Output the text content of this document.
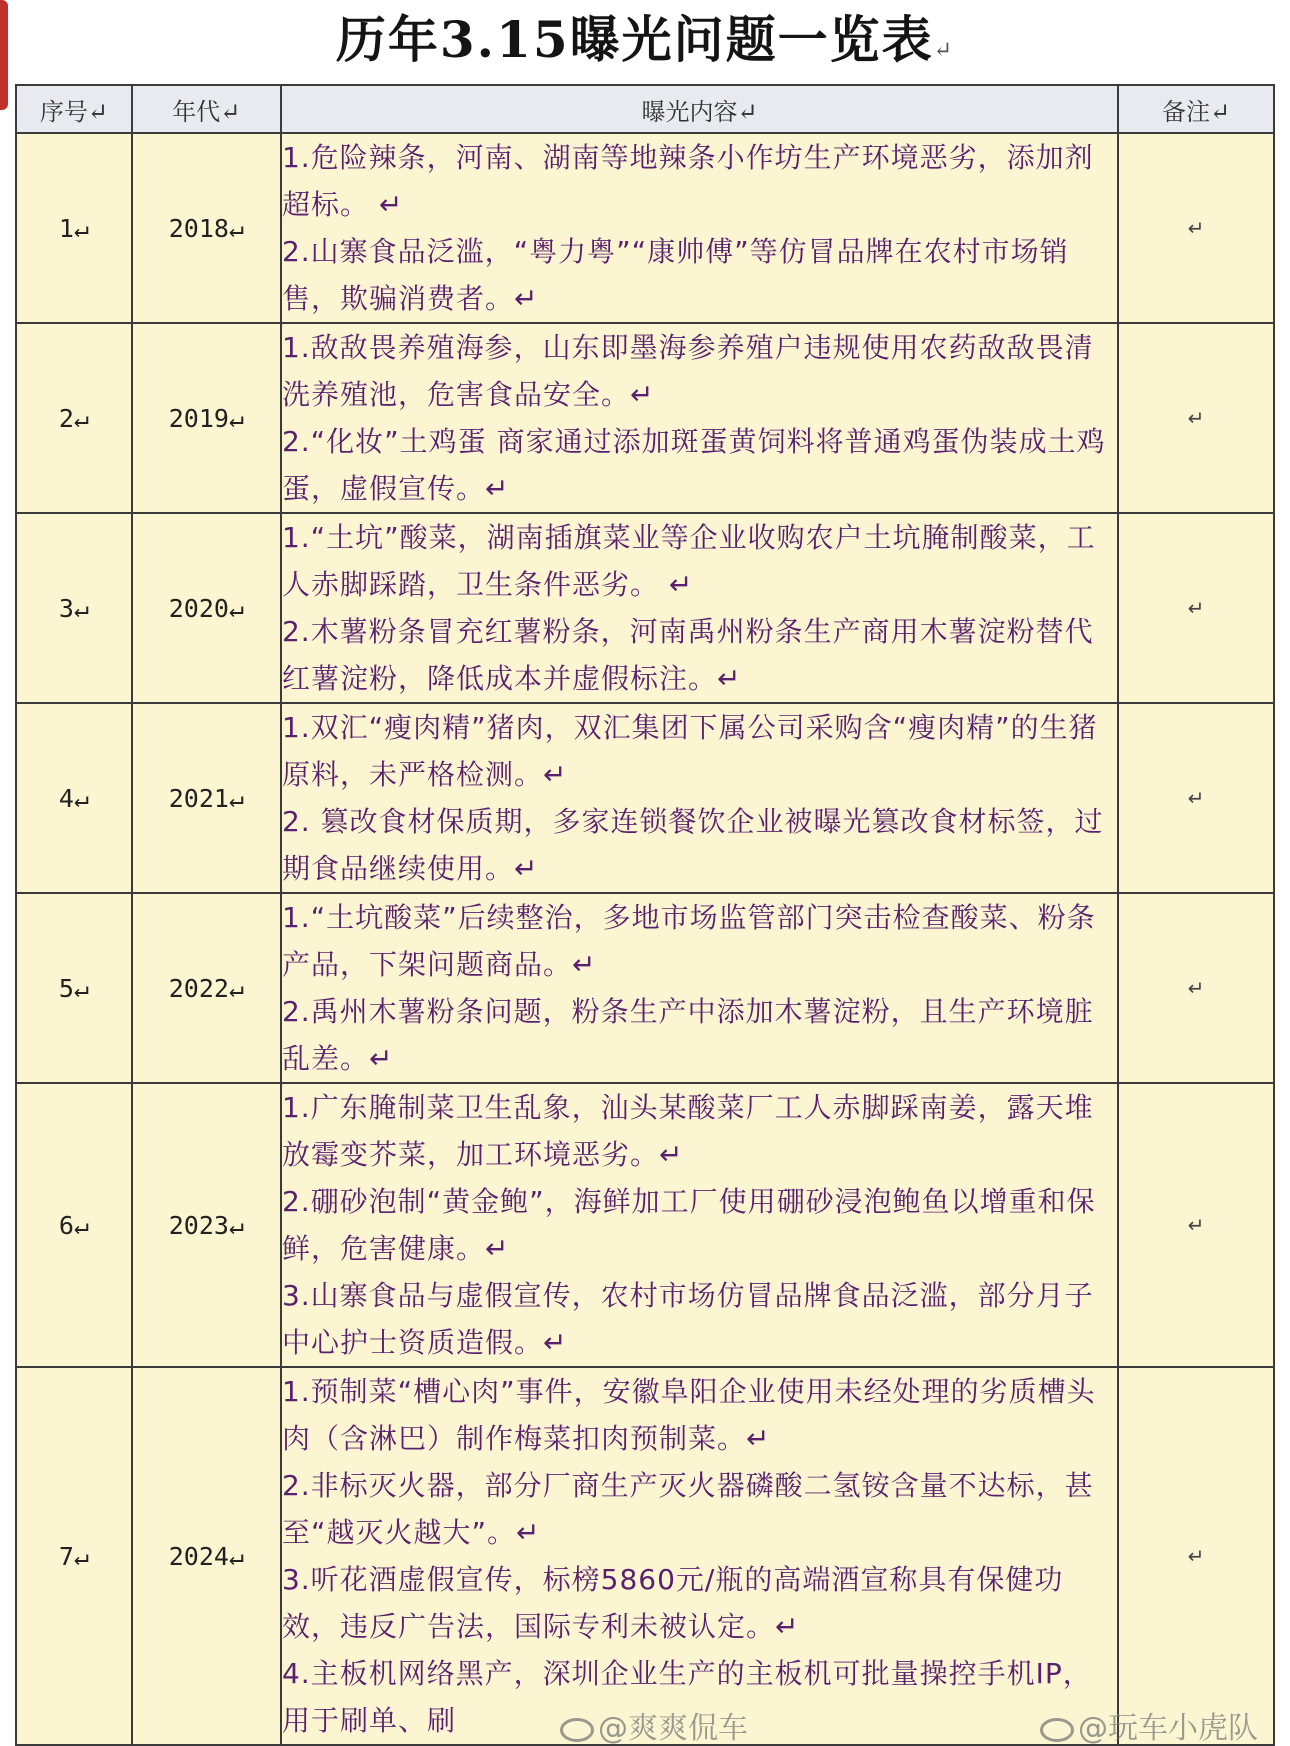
历年3.15曝光问题一览表↵
序号↵	年代↵	曝光内容↵	备注↵
1↵	2018↵	1.危险辣条，河南、湖南等地辣条小作坊生产环境恶劣，添加剂超标。 ↵
2.山寨食品泛滥，“粤力粤”“康帅傅”等仿冒品牌在农村市场销售，欺骗消费者。↵	↵
2↵	2019↵	1.敌敌畏养殖海参，山东即墨海参养殖户违规使用农药敌敌畏清洗养殖池，危害食品安全。↵
2.“化妆”土鸡蛋 商家通过添加斑蛋黄饲料将普通鸡蛋伪装成土鸡蛋，虚假宣传。↵	↵
3↵	2020↵	1.“土坑”酸菜，湖南插旗菜业等企业收购农户土坑腌制酸菜，工人赤脚踩踏，卫生条件恶劣。 ↵
2.木薯粉条冒充红薯粉条，河南禹州粉条生产商用木薯淀粉替代红薯淀粉，降低成本并虚假标注。↵	↵
4↵	2021↵	1.双汇“瘦肉精”猪肉，双汇集团下属公司采购含“瘦肉精”的生猪原料，未严格检测。↵
2. 篡改食材保质期，多家连锁餐饮企业被曝光篡改食材标签，过期食品继续使用。↵	↵
5↵	2022↵	1.“土坑酸菜”后续整治，多地市场监管部门突击检查酸菜、粉条产品，下架问题商品。↵
2.禹州木薯粉条问题，粉条生产中添加木薯淀粉，且生产环境脏乱差。↵	↵
6↵	2023↵	1.广东腌制菜卫生乱象，汕头某酸菜厂工人赤脚踩南姜，露天堆放霉变芥菜，加工环境恶劣。↵
2.硼砂泡制“黄金鲍”，海鲜加工厂使用硼砂浸泡鲍鱼以增重和保鲜，危害健康。↵
3.山寨食品与虚假宣传，农村市场仿冒品牌食品泛滥，部分月子中心护士资质造假。↵	↵
7↵	2024↵	1.预制菜“槽心肉”事件，安徽阜阳企业使用未经处理的劣质槽头肉（含淋巴）制作梅菜扣肉预制菜。↵
2.非标灭火器，部分厂商生产灭火器磷酸二氢铵含量不达标，甚至“越灭火越大”。↵
3.听花酒虚假宣传，标榜5860元/瓶的高端酒宣称具有保健功效，违反广告法，国际专利未被认定。↵
4.主板机网络黑产，深圳企业生产的主板机可批量操控手机IP，用于刷单、刷	↵
@爽爽侃车	@玩车小虎队
